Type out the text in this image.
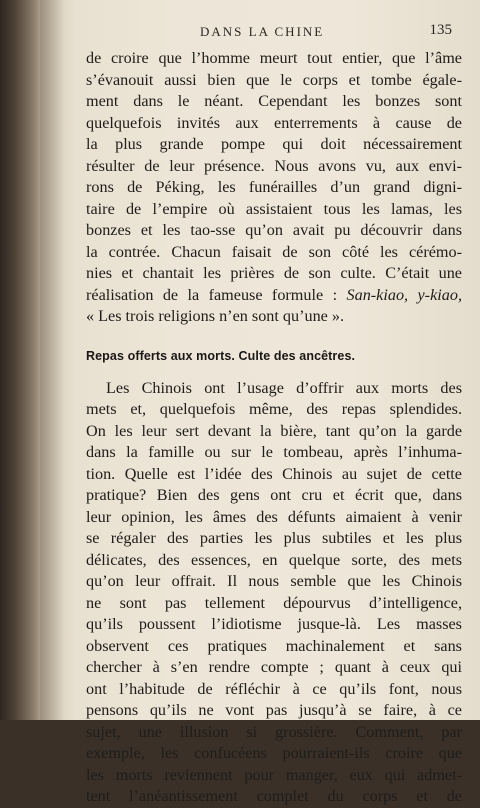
DANS LA CHINE	135
de croire que l’homme meurt tout entier, que l’âme
s’évanouit aussi bien que le corps et tombe égale-
ment dans le néant. Cependant les bonzes sont
quelquefois invités aux enterrements à cause de
la plus grande pompe qui doit nécessairement
résulter de leur présence. Nous avons vu, aux envi-
rons de Péking, les funérailles d’un grand digni-
taire de l’empire où assistaient tous les lamas, les
bonzes et les tao-sse qu’on avait pu découvrir dans
la contrée. Chacun faisait de son côté les cérémo-
nies et chantait les prières de son culte. C’était une
réalisation de la fameuse formule : San-kiao, y-kiao,
« Les trois religions n’en sont qu’une ».
Repas offerts aux morts. Culte des ancêtres.
Les Chinois ont l’usage d’offrir aux morts des
mets et, quelquefois même, des repas splendides.
On les leur sert devant la bière, tant qu’on la garde
dans la famille ou sur le tombeau, après l’inhuma-
tion. Quelle est l’idée des Chinois au sujet de cette
pratique? Bien des gens ont cru et écrit que, dans
leur opinion, les âmes des défunts aimaient à venir
se régaler des parties les plus subtiles et les plus
délicates, des essences, en quelque sorte, des mets
qu’on leur offrait. Il nous semble que les Chinois
ne sont pas tellement dépourvus d’intelligence,
qu’ils poussent l’idiotisme jusque-là. Les masses
observent ces pratiques machinalement et sans
chercher à s’en rendre compte ; quant à ceux qui
ont l’habitude de réfléchir à ce qu’ils font, nous
pensons qu’ils ne vont pas jusqu’à se faire, à ce
sujet, une illusion si grossière. Comment, par
exemple, les confucéens pourraient-ils croire que
les morts reviennent pour manger, eux qui admet-
tent l’anéantissement complet du corps et de
